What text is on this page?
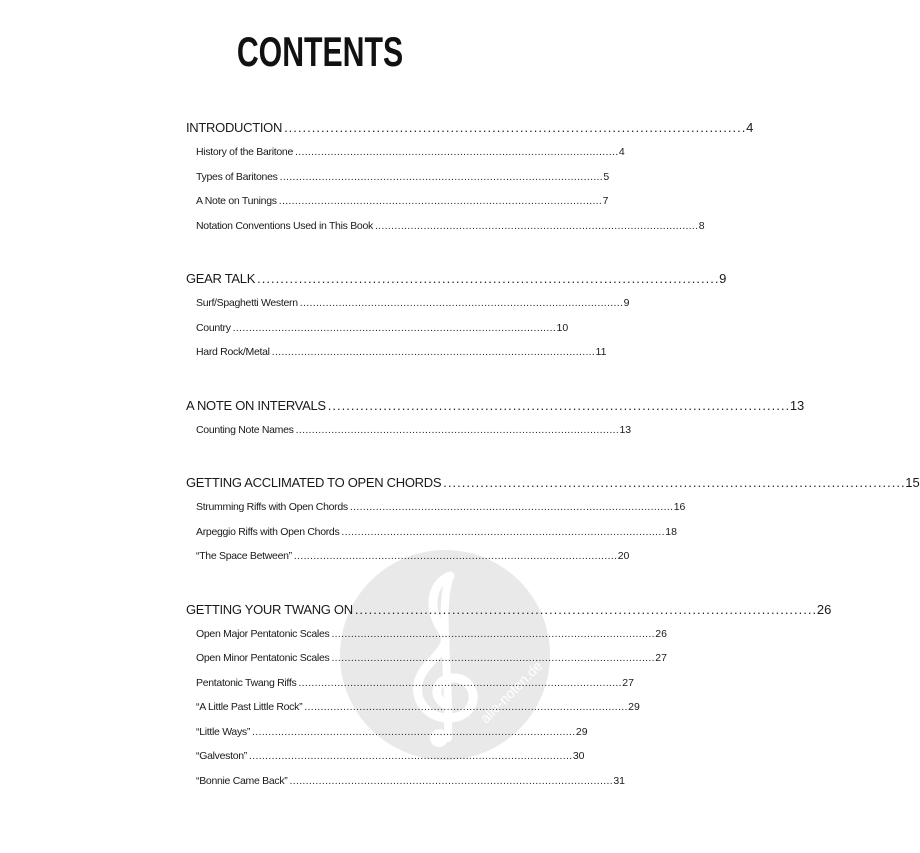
alle-noten.de
CONTENTS
INTRODUCTION . . .	4
History of the Baritone . . .	4
Types of Baritones . . .	5
A Note on Tunings . . .	7
Notation Conventions Used in This Book . . .	8
GEAR TALK . . .	9
Surf/Spaghetti Western . . .	9
Country . . .	10
Hard Rock/Metal . . .	11
A NOTE ON INTERVALS . . .	13
Counting Note Names . . .	13
GETTING ACCLIMATED TO OPEN CHORDS . . .	15
Strumming Riffs with Open Chords . . .	16
Arpeggio Riffs with Open Chords . . .	18
“The Space Between” . . .	20
GETTING YOUR TWANG ON . . .	26
Open Major Pentatonic Scales . . .	26
Open Minor Pentatonic Scales . . .	27
Pentatonic Twang Riffs . . .	27
“A Little Past Little Rock” . . .	29
“Little Ways” . . .	29
“Galveston” . . .	30
“Bonnie Came Back” . . .	31
